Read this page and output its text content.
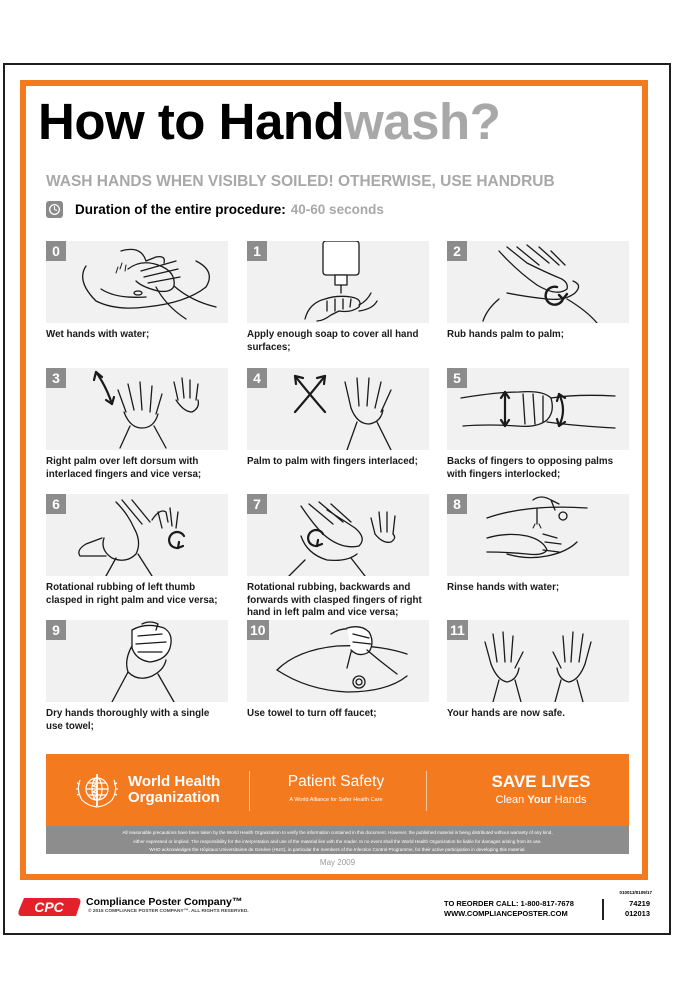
How to Handwash?
WASH HANDS WHEN VISIBLY SOILED! OTHERWISE, USE HANDRUB
Duration of the entire procedure: 40-60 seconds
0
Wet hands with water;
1
Apply enough soap to cover all hand surfaces;
2
Rub hands palm to palm;
3
Right palm over left dorsum with interlaced fingers and vice versa;
4
Palm to palm with fingers interlaced;
5
Backs of fingers to opposing palms with fingers interlocked;
6
Rotational rubbing of left thumb clasped in right palm and vice versa;
7
Rotational rubbing, backwards and forwards with clasped fingers of right hand in left palm and vice versa;
8
Rinse hands with water;
9
Dry hands thoroughly with a single use towel;
10
Use towel to turn off faucet;
11
Your hands are now safe.
World Health
Organization
Patient Safety
A World Alliance for Safer Health Care
SAVE LIVES
Clean Your Hands
All reasonable precautions have been taken by the World Health Organization to verify the information contained in this document. However, the published material is being distributed without warranty of any kind,
either expressed or implied. The responsibility for the interpretation and use of the material lies with the reader. In no event shall the World Health Organization be liable for damages arising from its use.
WHO acknowledges the Hôpitaux Universitaires de Genève (HUG), in particular the members of the Infection Control Programme, for their active participation in developing this material.
May 2009
CPC Compliance Poster Company™
© 2015 COMPLIANCE POSTER COMPANY™. ALL RIGHTS RESERVED.
010013/0109/17
TO REORDER CALL: 1-800-817-7678
WWW.COMPLIANCEPOSTER.COM
74219
012013
